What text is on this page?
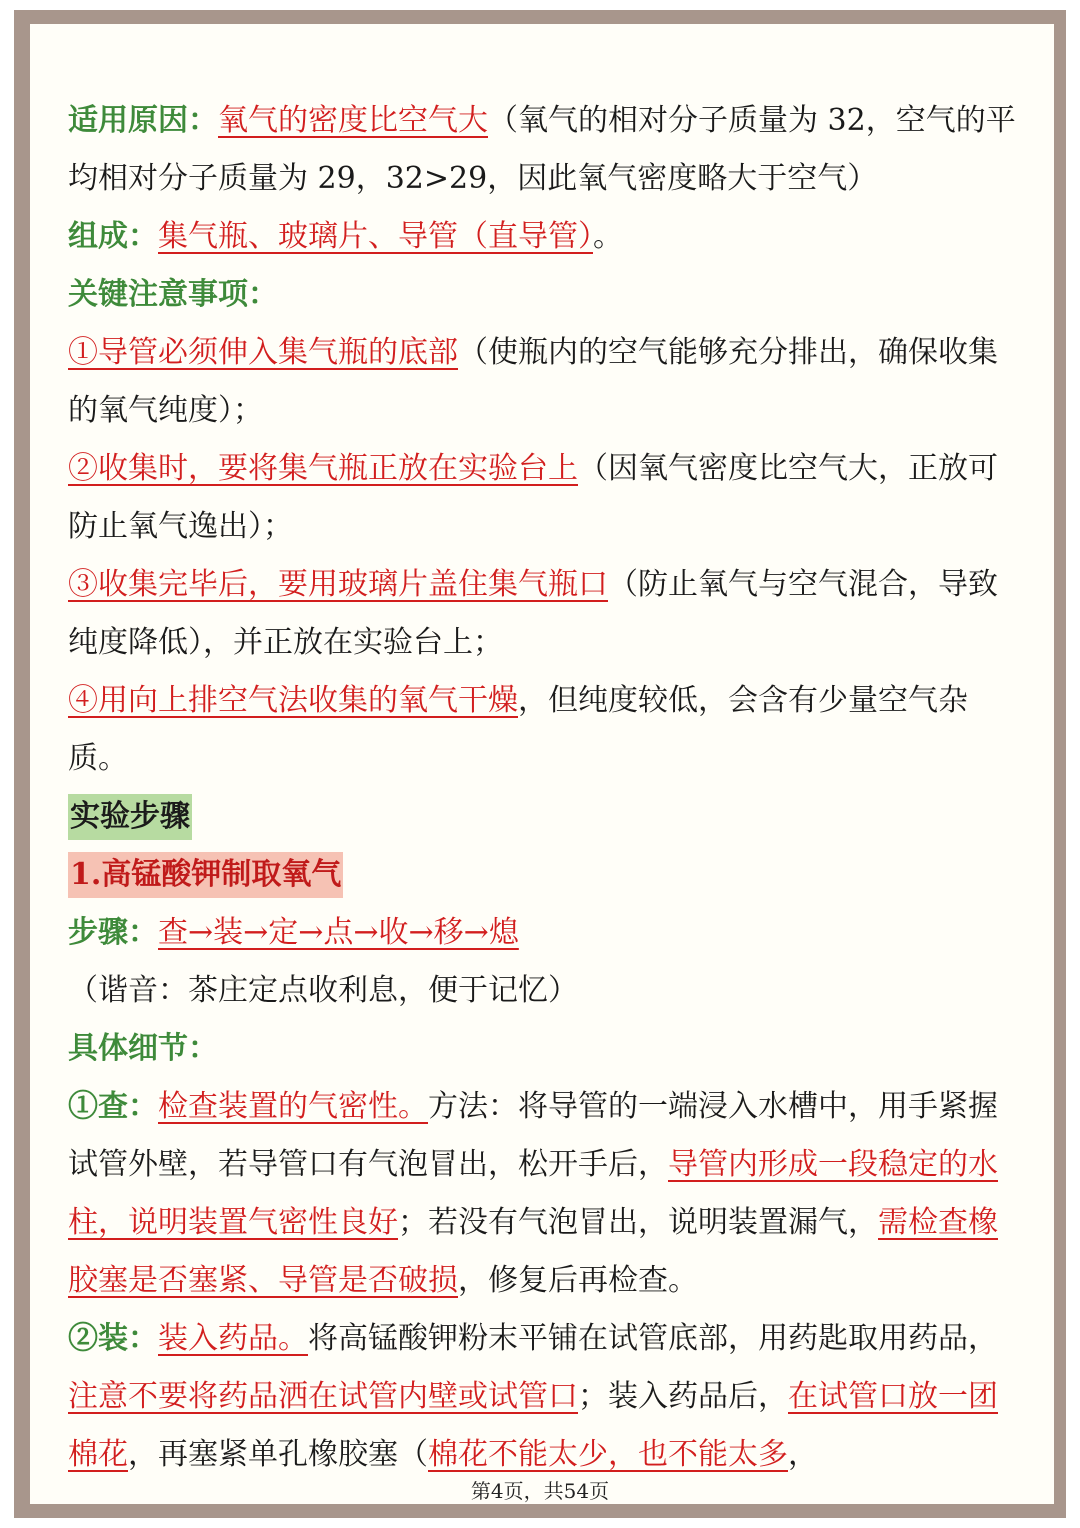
适用原因：氧气的密度比空气大（氧气的相对分子质量为 32，空气的平均相对分子质量为 29，32>29，因此氧气密度略大于空气）

组成：集气瓶、玻璃片、导管（直导管）。

关键注意事项：

①导管必须伸入集气瓶的底部（使瓶内的空气能够充分排出，确保收集的氧气纯度）；

②收集时，要将集气瓶正放在实验台上（因氧气密度比空气大，正放可防止氧气逸出）；

③收集完毕后，要用玻璃片盖住集气瓶口（防止氧气与空气混合，导致纯度降低），并正放在实验台上；

④用向上排空气法收集的氧气干燥，但纯度较低，会含有少量空气杂质。

实验步骤
1.高锰酸钾制取氧气

步骤：查→装→定→点→收→移→熄（谐音：茶庄定点收利息，便于记忆）

具体细节：

①查：检查装置的气密性。方法：将导管的一端浸入水槽中，用手紧握试管外壁，若导管口有气泡冒出，松开手后，导管内形成一段稳定的水柱，说明装置气密性良好；若没有气泡冒出，说明装置漏气，需检查橡胶塞是否塞紧、导管是否破损，修复后再检查。

②装：装入药品。将高锰酸钾粉末平铺在试管底部，用药匙取用药品，注意不要将药品洒在试管内壁或试管口；装入药品后，在试管口放一团棉花，再塞紧单孔橡胶塞（棉花不能太少，也不能太多，

第4页，共54页
